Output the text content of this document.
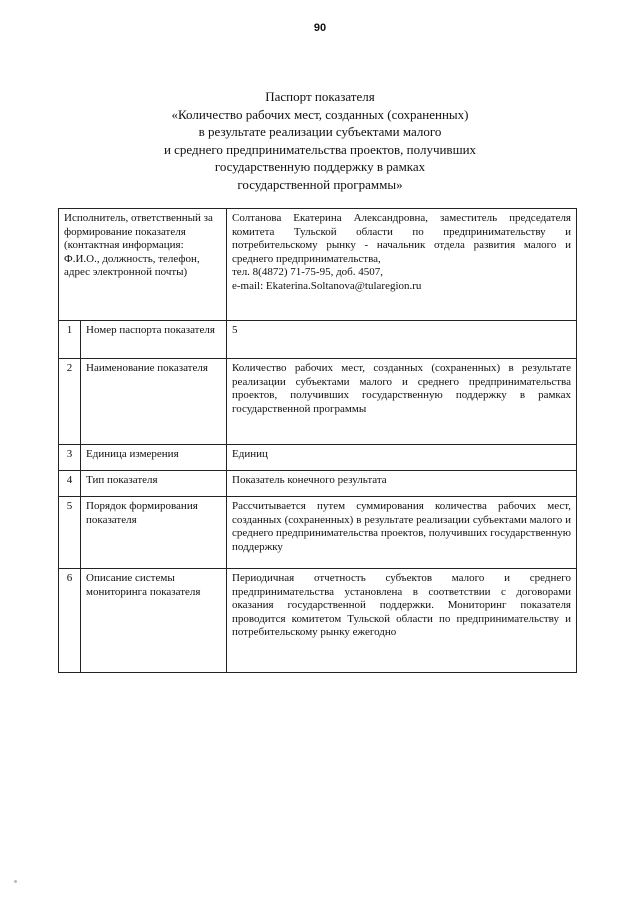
90
Паспорт показателя
«Количество рабочих мест, созданных (сохраненных)
в результате реализации субъектами малого
и среднего предпринимательства проектов, получивших
государственную поддержку в рамках
государственной программы»
Исполнитель, ответственный за формирование показателя (контактная информация: Ф.И.О., должность, телефон, адрес электронной почты)		Солтанова Екатерина Александровна, заместитель председателя комитета Тульской области по предпринимательству и потребительскому рынку - начальник отдела развития малого и среднего предпринимательства,
тел. 8(4872) 71-75-95, доб. 4507,
e-mail: Ekaterina.Soltanova@tularegion.ru

1	Номер паспорта показателя	5
2	Наименование показателя	Количество рабочих мест, созданных (сохраненных) в результате реализации субъектами малого и среднего предпринимательства проектов, получивших государственную поддержку в рамках государственной программы
3	Единица измерения	Единиц
4	Тип показателя	Показатель конечного результата
5	Порядок формирования показателя	Рассчитывается путем суммирования количества рабочих мест, созданных (сохраненных) в результате реализации субъектами малого и среднего предпринимательства проектов, получивших государственную поддержку
6	Описание системы мониторинга показателя	Периодичная отчетность субъектов малого и среднего предпринимательства установлена в соответствии с договорами оказания государственной поддержки. Мониторинг показателя проводится комитетом Тульской области по предпринимательству и потребительскому рынку ежегодно
